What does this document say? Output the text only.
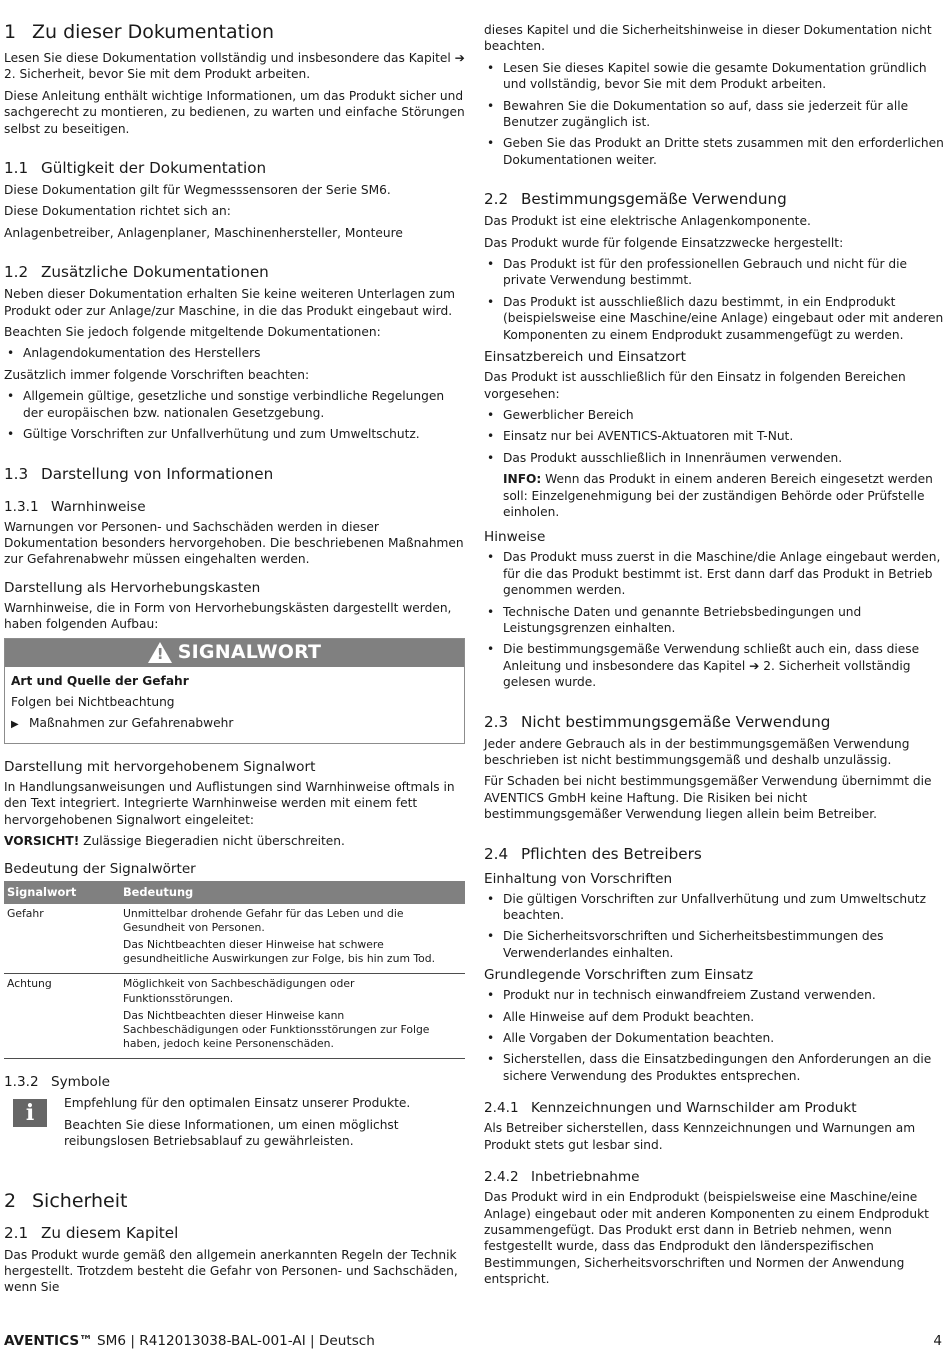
1 Zu dieser Dokumentation

Lesen Sie diese Dokumentation vollständig und insbesondere das Kapitel ➔ 2. Sicherheit, bevor Sie mit dem Produkt arbeiten.

Diese Anleitung enthält wichtige Informationen, um das Produkt sicher und sachgerecht zu montieren, zu bedienen, zu warten und einfache Störungen selbst zu beseitigen.

1.1 Gültigkeit der Dokumentation

Diese Dokumentation gilt für Wegmesssensoren der Serie SM6.

Diese Dokumentation richtet sich an:

Anlagenbetreiber, Anlagenplaner, Maschinenhersteller, Monteure

1.2 Zusätzliche Dokumentationen

Neben dieser Dokumentation erhalten Sie keine weiteren Unterlagen zum Produkt oder zur Anlage/zur Maschine, in die das Produkt eingebaut wird.

Beachten Sie jedoch folgende mitgeltende Dokumentationen:

• Anlagendokumentation des Herstellers

Zusätzlich immer folgende Vorschriften beachten:

• Allgemein gültige, gesetzliche und sonstige verbindliche Regelungen der europäischen bzw. nationalen Gesetzgebung.
• Gültige Vorschriften zur Unfallverhütung und zum Umweltschutz.
1.3 Darstellung von Informationen
1.3.1 Warnhinweise

Warnungen vor Personen- und Sachschäden werden in dieser Dokumentation besonders hervorgehoben. Die beschriebenen Maßnahmen zur Gefahrenabwehr müssen eingehalten werden.

Darstellung als Hervorhebungskasten

Warnhinweise, die in Form von Hervorhebungskästen dargestellt werden, haben folgenden Aufbau:

! SIGNALWORT
Art und Quelle der Gefahr
Folgen bei Nichtbeachtung
▶ Maßnahmen zur Gefahrenabwehr
Darstellung mit hervorgehobenem Signalwort

In Handlungsanweisungen und Auflistungen sind Warnhinweise oftmals in den Text integriert. Integrierte Warnhinweise werden mit einem fett hervorgehobenen Signalwort eingeleitet:

VORSICHT! Zulässige Biegeradien nicht überschreiten.

Bedeutung der Signalwörter
Signalwort	Bedeutung
Gefahr	Unmittelbar drohende Gefahr für das Leben und die Gesundheit von Personen.
Das Nichtbeachten dieser Hinweise hat schwere gesundheitliche Auswirkungen zur Folge, bis hin zum Tod.

Achtung	Möglichkeit von Sachbeschädigungen oder Funktionsstörungen.
Das Nichtbeachten dieser Hinweise kann Sachbeschädigungen oder Funktionsstörungen zur Folge haben, jedoch keine Personenschäden.
1.3.2 Symbole
i	Empfehlung für den optimalen Einsatz unserer Produkte.

Beachten Sie diese Informationen, um einen möglichst reibungslosen Betriebsablauf zu gewährleisten.

2 Sicherheit
2.1 Zu diesem Kapitel

Das Produkt wurde gemäß den allgemein anerkannten Regeln der Technik hergestellt. Trotzdem besteht die Gefahr von Personen- und Sachschäden, wenn Sie

dieses Kapitel und die Sicherheitshinweise in dieser Dokumentation nicht beachten.

• Lesen Sie dieses Kapitel sowie die gesamte Dokumentation gründlich und vollständig, bevor Sie mit dem Produkt arbeiten.
• Bewahren Sie die Dokumentation so auf, dass sie jederzeit für alle Benutzer zugänglich ist.
• Geben Sie das Produkt an Dritte stets zusammen mit den erforderlichen Dokumentationen weiter.
2.2 Bestimmungsgemäße Verwendung

Das Produkt ist eine elektrische Anlagenkomponente.

Das Produkt wurde für folgende Einsatzzwecke hergestellt:

• Das Produkt ist für den professionellen Gebrauch und nicht für die private Verwendung bestimmt.
• Das Produkt ist ausschließlich dazu bestimmt, in ein Endprodukt (beispielsweise eine Maschine/eine Anlage) eingebaut oder mit anderen Komponenten zu einem Endprodukt zusammengefügt zu werden.
Einsatzbereich und Einsatzort

Das Produkt ist ausschließlich für den Einsatz in folgenden Bereichen vorgesehen:

• Gewerblicher Bereich
• Einsatz nur bei AVENTICS-Aktuatoren mit T-Nut.
• Das Produkt ausschließlich in Innenräumen verwenden.

INFO: Wenn das Produkt in einem anderen Bereich eingesetzt werden soll: Einzelgenehmigung bei der zuständigen Behörde oder Prüfstelle einholen.

Hinweise
• Das Produkt muss zuerst in die Maschine/die Anlage eingebaut werden, für die das Produkt bestimmt ist. Erst dann darf das Produkt in Betrieb genommen werden.
• Technische Daten und genannte Betriebsbedingungen und Leistungsgrenzen einhalten.
• Die bestimmungsgemäße Verwendung schließt auch ein, dass diese Anleitung und insbesondere das Kapitel ➔ 2. Sicherheit vollständig gelesen wurde.
2.3 Nicht bestimmungsgemäße Verwendung

Jeder andere Gebrauch als in der bestimmungsgemäßen Verwendung beschrieben ist nicht bestimmungsgemäß und deshalb unzulässig.

Für Schaden bei nicht bestimmungsgemäßer Verwendung übernimmt die AVENTICS GmbH keine Haftung. Die Risiken bei nicht bestimmungsgemäßer Verwendung liegen allein beim Betreiber.

2.4 Pflichten des Betreibers
Einhaltung von Vorschriften
• Die gültigen Vorschriften zur Unfallverhütung und zum Umweltschutz beachten.
• Die Sicherheitsvorschriften und Sicherheitsbestimmungen des Verwenderlandes einhalten.
Grundlegende Vorschriften zum Einsatz
• Produkt nur in technisch einwandfreiem Zustand verwenden.
• Alle Hinweise auf dem Produkt beachten.
• Alle Vorgaben der Dokumentation beachten.
• Sicherstellen, dass die Einsatzbedingungen den Anforderungen an die sichere Verwendung des Produktes entsprechen.
2.4.1 Kennzeichnungen und Warnschilder am Produkt

Als Betreiber sicherstellen, dass Kennzeichnungen und Warnungen am Produkt stets gut lesbar sind.

2.4.2 Inbetriebnahme

Das Produkt wird in ein Endprodukt (beispielsweise eine Maschine/eine Anlage) eingebaut oder mit anderen Komponenten zu einem Endprodukt zusammengefügt. Das Produkt erst dann in Betrieb nehmen, wenn festgestellt wurde, dass das Endprodukt den länderspezifischen Bestimmungen, Sicherheitsvorschriften und Normen der Anwendung entspricht.

AVENTICS™ SM6 | R412013038-BAL-001-AI | Deutsch	4
